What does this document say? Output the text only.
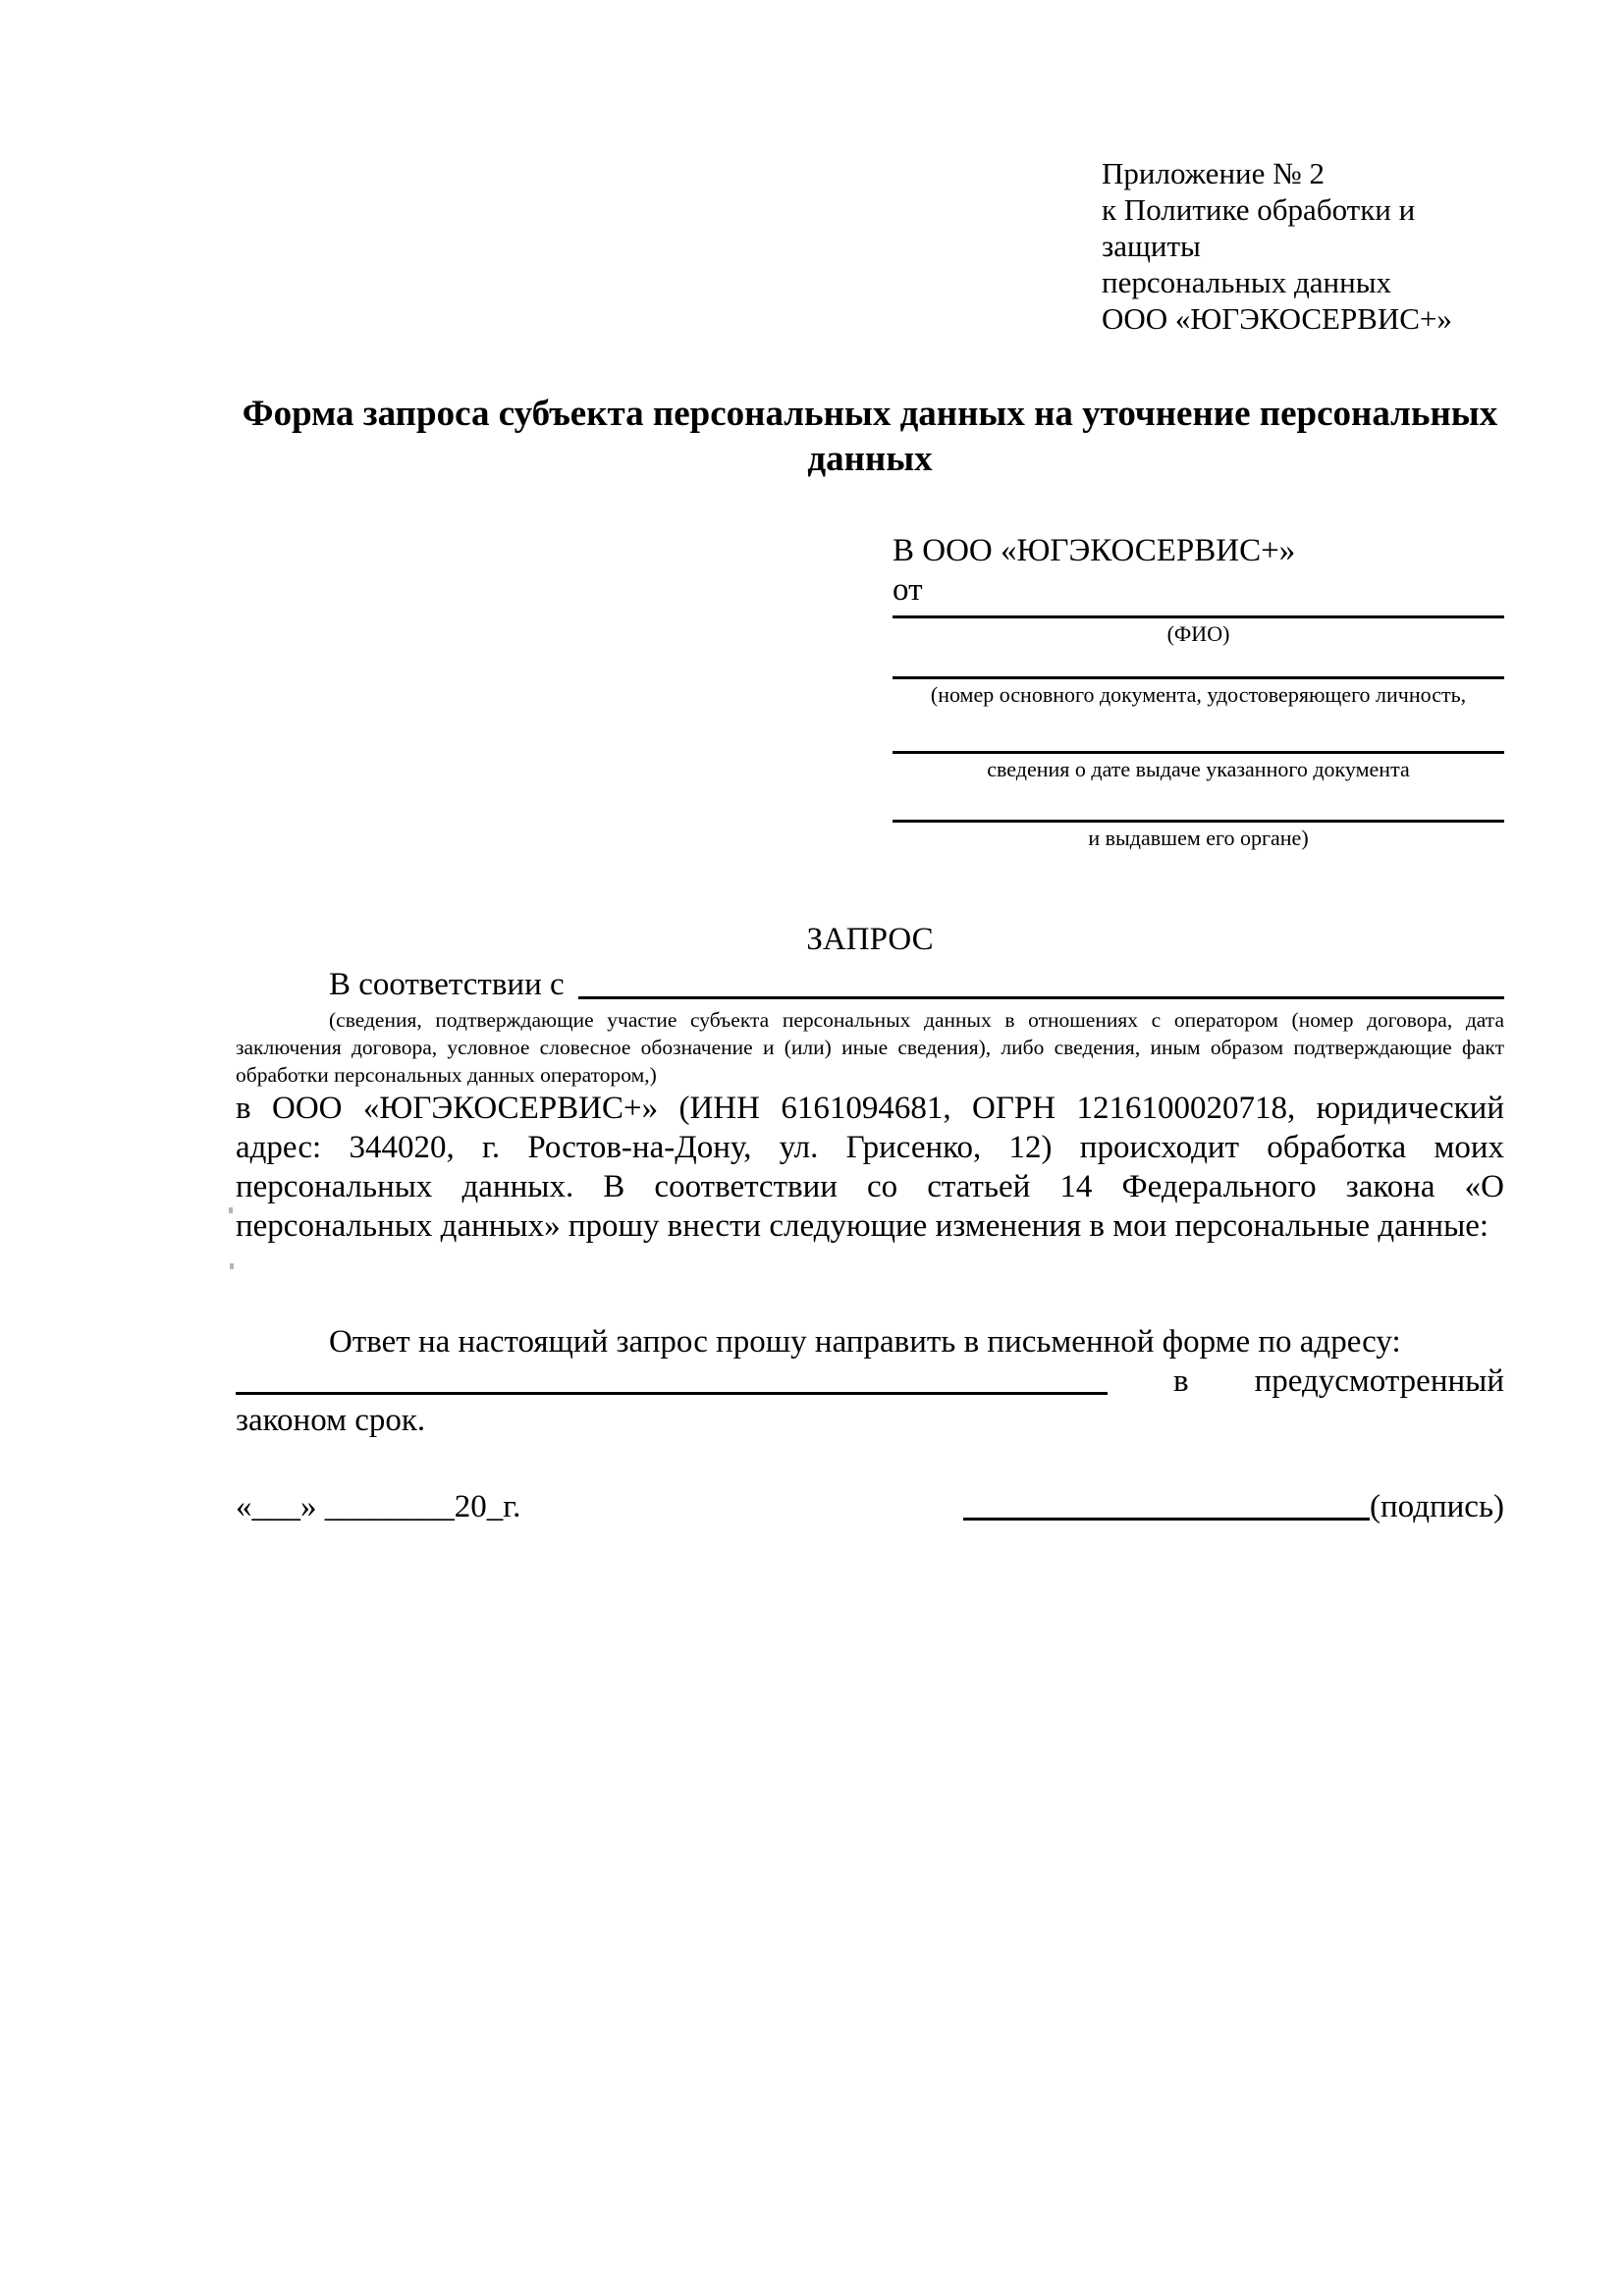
Приложение № 2
к Политике обработки и защиты
персональных данных
ООО «ЮГЭКОСЕРВИС+»
Форма запроса субъекта персональных данных на уточнение персональных данных
В ООО «ЮГЭКОСЕРВИС+»
от
(ФИО)
(номер основного документа, удостоверяющего личность,
сведения о дате выдаче указанного документа
и выдавшем его органе)
ЗАПРОС
В соответствии с

(сведения, подтверждающие участие субъекта персональных данных в отношениях с оператором (номер договора, дата заключения договора, условное словесное обозначение и (или) иные сведения), либо сведения, иным образом подтверждающие факт обработки персональных данных оператором,)

в ООО «ЮГЭКОСЕРВИС+» (ИНН 6161094681, ОГРН 1216100020718, юридический адрес: 344020, г. Ростов-на-Дону, ул. Грисенко, 12) происходит обработка моих персональных данных. В соответствии со статьей 14 Федерального закона «О персональных данных» прошу внести следующие изменения в мои персональные данные:

Ответ на настоящий запрос прошу направить в письменной форме по адресу:

в предусмотренный

законом срок.

«___» ________20_г.	(подпись)
